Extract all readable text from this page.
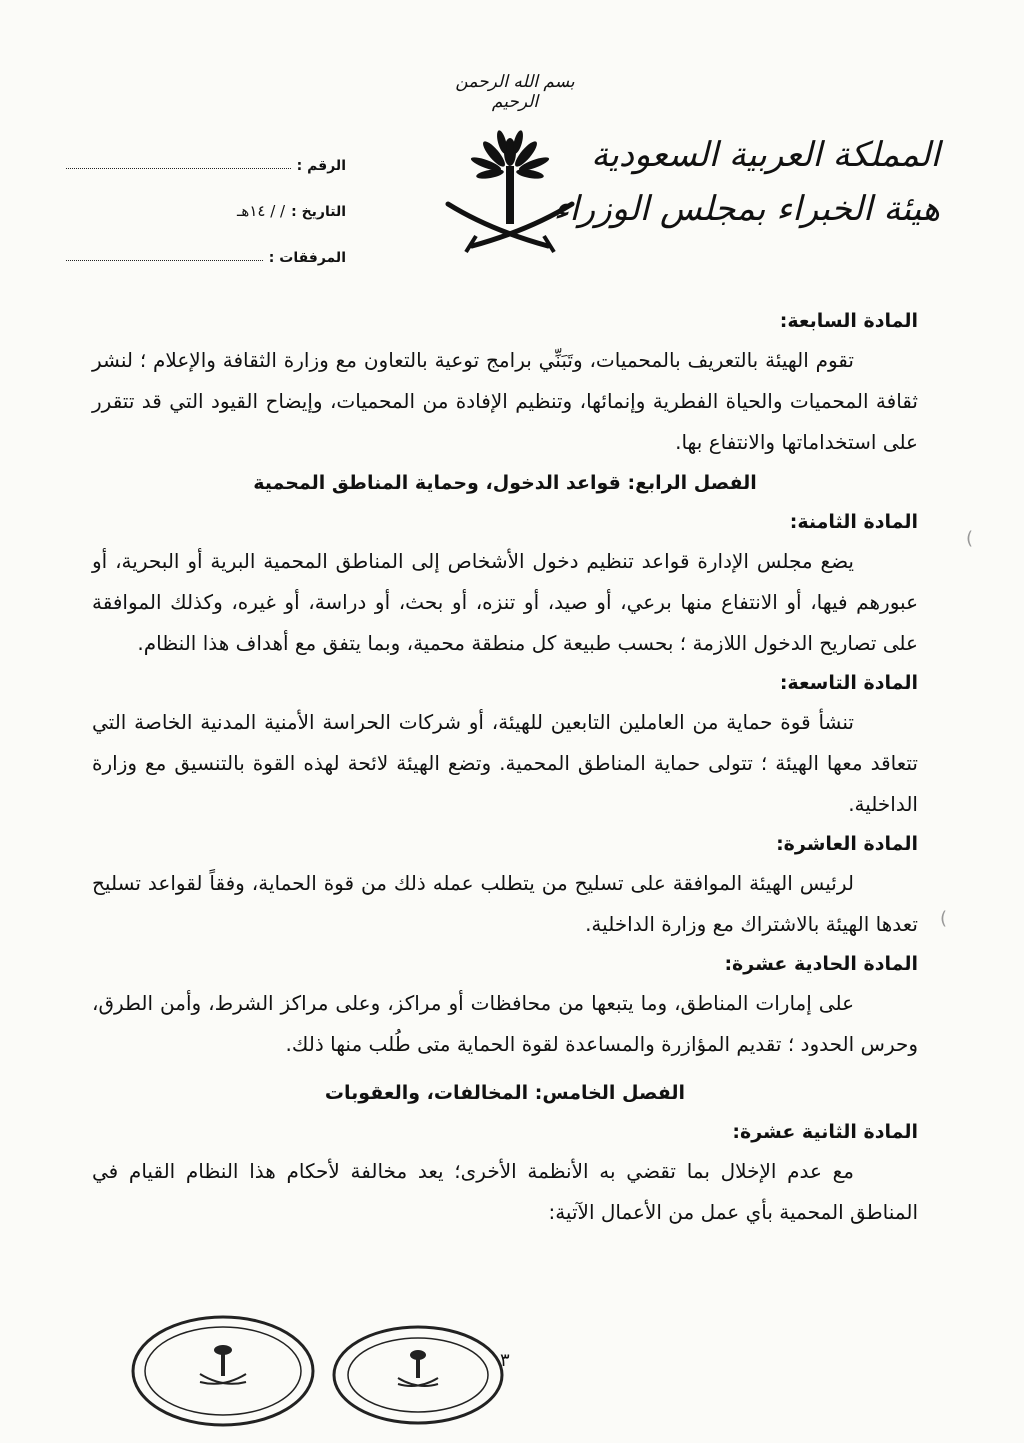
بسم الله الرحمن الرحيم
المملكة العربية السعودية
هيئة الخبراء بمجلس الوزراء
الرقم :
التاريخ :
/ / ١٤هـ
المرفقات :
المادة السابعة:

تقوم الهيئة بالتعريف بالمحميات، وتَبَنِّي برامج توعية بالتعاون مع وزارة الثقافة والإعلام ؛ لنشر ثقافة المحميات والحياة الفطرية وإنمائها، وتنظيم الإفادة من المحميات، وإيضاح القيود التي قد تتقرر على استخداماتها والانتفاع بها.

الفصل الرابع: قواعد الدخول، وحماية المناطق المحمية
المادة الثامنة:

يضع مجلس الإدارة قواعد تنظيم دخول الأشخاص إلى المناطق المحمية البرية أو البحرية، أو عبورهم فيها، أو الانتفاع منها برعي، أو صيد، أو تنزه، أو بحث، أو دراسة، أو غيره، وكذلك الموافقة على تصاريح الدخول اللازمة ؛ بحسب طبيعة كل منطقة محمية، وبما يتفق مع أهداف هذا النظام.

المادة التاسعة:

تنشأ قوة حماية من العاملين التابعين للهيئة، أو شركات الحراسة الأمنية المدنية الخاصة التي تتعاقد معها الهيئة ؛ تتولى حماية المناطق المحمية. وتضع الهيئة لائحة لهذه القوة بالتنسيق مع وزارة الداخلية.

المادة العاشرة:

لرئيس الهيئة الموافقة على تسليح من يتطلب عمله ذلك من قوة الحماية، وفقاً لقواعد تسليح تعدها الهيئة بالاشتراك مع وزارة الداخلية.

المادة الحادية عشرة:

على إمارات المناطق، وما يتبعها من محافظات أو مراكز، وعلى مراكز الشرط، وأمن الطرق، وحرس الحدود ؛ تقديم المؤازرة والمساعدة لقوة الحماية متى طُلب منها ذلك.

الفصل الخامس: المخالفات، والعقوبات
المادة الثانية عشرة:

مع عدم الإخلال بما تقضي به الأنظمة الأخرى؛ يعد مخالفة لأحكام هذا النظام القيام في المناطق المحمية بأي عمل من الأعمال الآتية:

(
(
٣
